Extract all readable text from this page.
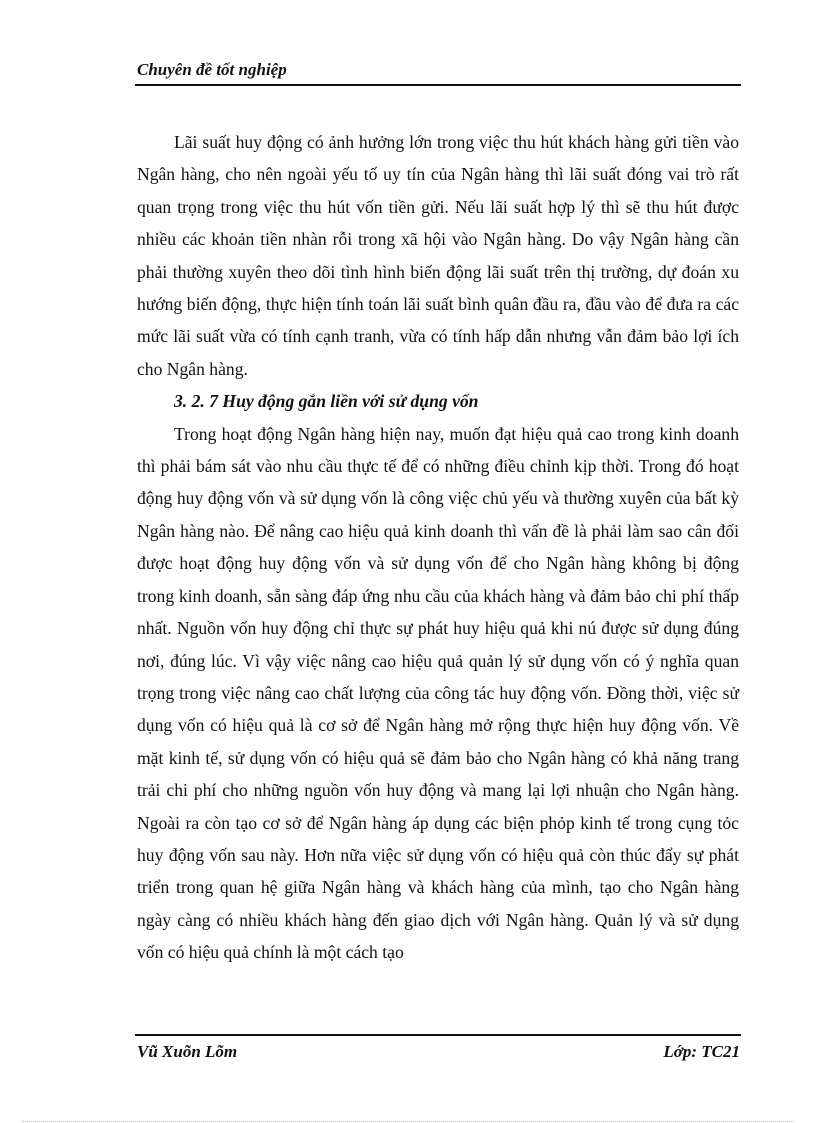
Chuyên đề tốt nghiệp

Lãi suất huy động có ảnh hưởng lớn trong việc thu hút khách hàng gửi tiền vào Ngân hàng, cho nên ngoài yếu tố uy tín của Ngân hàng thì lãi suất đóng vai trò rất quan trọng trong việc thu hút vốn tiền gửi. Nếu lãi suất hợp lý thì sẽ thu hút được nhiều các khoản tiền nhàn rỗi trong xã hội vào Ngân hàng. Do vậy Ngân hàng cần phải thường xuyên theo dõi tình hình biến động lãi suất trên thị trường, dự đoán xu hướng biến động, thực hiện tính toán lãi suất bình quân đầu ra, đầu vào để đưa ra các mức lãi suất vừa có tính cạnh tranh, vừa có tính hấp dẫn nhưng vẫn đảm bảo lợi ích cho Ngân hàng.

3. 2. 7 Huy động gắn liền với sử dụng vốn

Trong hoạt động Ngân hàng hiện nay, muốn đạt hiệu quả cao trong kinh doanh thì phải bám sát vào nhu cầu thực tế để có những điều chỉnh kịp thời. Trong đó hoạt động huy động vốn và sử dụng vốn là công việc chủ yếu và thường xuyên của bất kỳ Ngân hàng nào. Để nâng cao hiệu quả kinh doanh thì vấn đề là phải làm sao cân đối được hoạt động huy động vốn và sử dụng vốn để cho Ngân hàng không bị động trong kinh doanh, sẵn sàng đáp ứng nhu cầu của khách hàng và đảm bảo chi phí thấp nhất. Nguồn vốn huy động chỉ thực sự phát huy hiệu quả khi nú được sử dụng đúng nơi, đúng lúc. Vì vậy việc nâng cao hiệu quả quản lý sử dụng vốn có ý nghĩa quan trọng trong việc nâng cao chất lượng của công tác huy động vốn. Đồng thời, việc sử dụng vốn có hiệu quả là cơ sở để Ngân hàng mở rộng thực hiện huy động vốn. Về mặt kinh tế, sử dụng vốn có hiệu quả sẽ đảm bảo cho Ngân hàng có khả năng trang trải chi phí cho những nguồn vốn huy động và mang lại lợi nhuận cho Ngân hàng. Ngoài ra còn tạo cơ sở để Ngân hàng áp dụng các biện phỏp kinh tế trong cụng tỏc huy động vốn sau này. Hơn nữa việc sử dụng vốn có hiệu quả còn thúc đẩy sự phát triển trong quan hệ giữa Ngân hàng và khách hàng của mình, tạo cho Ngân hàng ngày càng có nhiều khách hàng đến giao dịch với Ngân hàng. Quản lý và sử dụng vốn có hiệu quả chính là một cách tạo

Vũ Xuõn Lõm	Lớp: TC21
